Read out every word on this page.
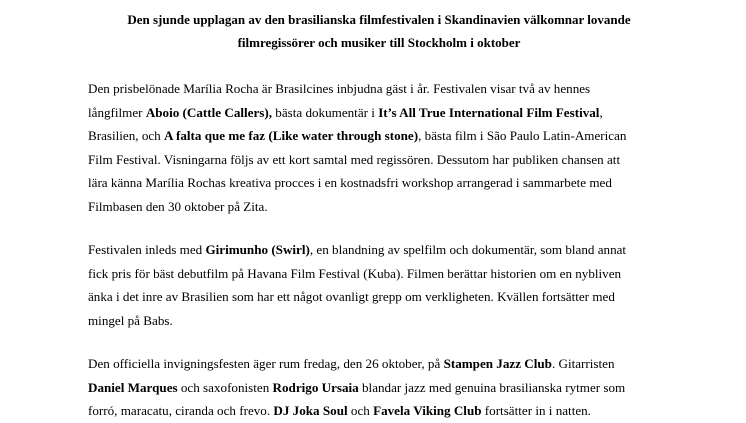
Den sjunde upplagan av den brasilianska filmfestivalen i Skandinavien välkomnar lovande
filmregissörer och musiker till Stockholm i oktober
Den prisbelönade Marília Rocha är Brasilcines inbjudna gäst i år. Festivalen visar två av hennes
långfilmer Aboio (Cattle Callers), bästa dokumentär i It’s All True International Film Festival,
Brasilien, och A falta que me faz (Like water through stone), bästa film i São Paulo Latin-American
Film Festival. Visningarna följs av ett kort samtal med regissören. Dessutom har publiken chansen att
lära känna Marília Rochas kreativa procces i en kostnadsfri workshop arrangerad i sammarbete med
Filmbasen den 30 oktober på Zita.
Festivalen inleds med Girimunho (Swirl), en blandning av spelfilm och dokumentär, som bland annat
fick pris för bäst debutfilm på Havana Film Festival (Kuba). Filmen berättar historien om en nybliven
änka i det inre av Brasilien som har ett något ovanligt grepp om verkligheten. Kvällen fortsätter med
mingel på Babs.
Den officiella invigningsfesten äger rum fredag, den 26 oktober, på Stampen Jazz Club. Gitarristen
Daniel Marques och saxofonisten Rodrigo Ursaia blandar jazz med genuina brasilianska rytmer som
forró, maracatu, ciranda och frevo. DJ Joka Soul och Favela Viking Club fortsätter in i natten.
